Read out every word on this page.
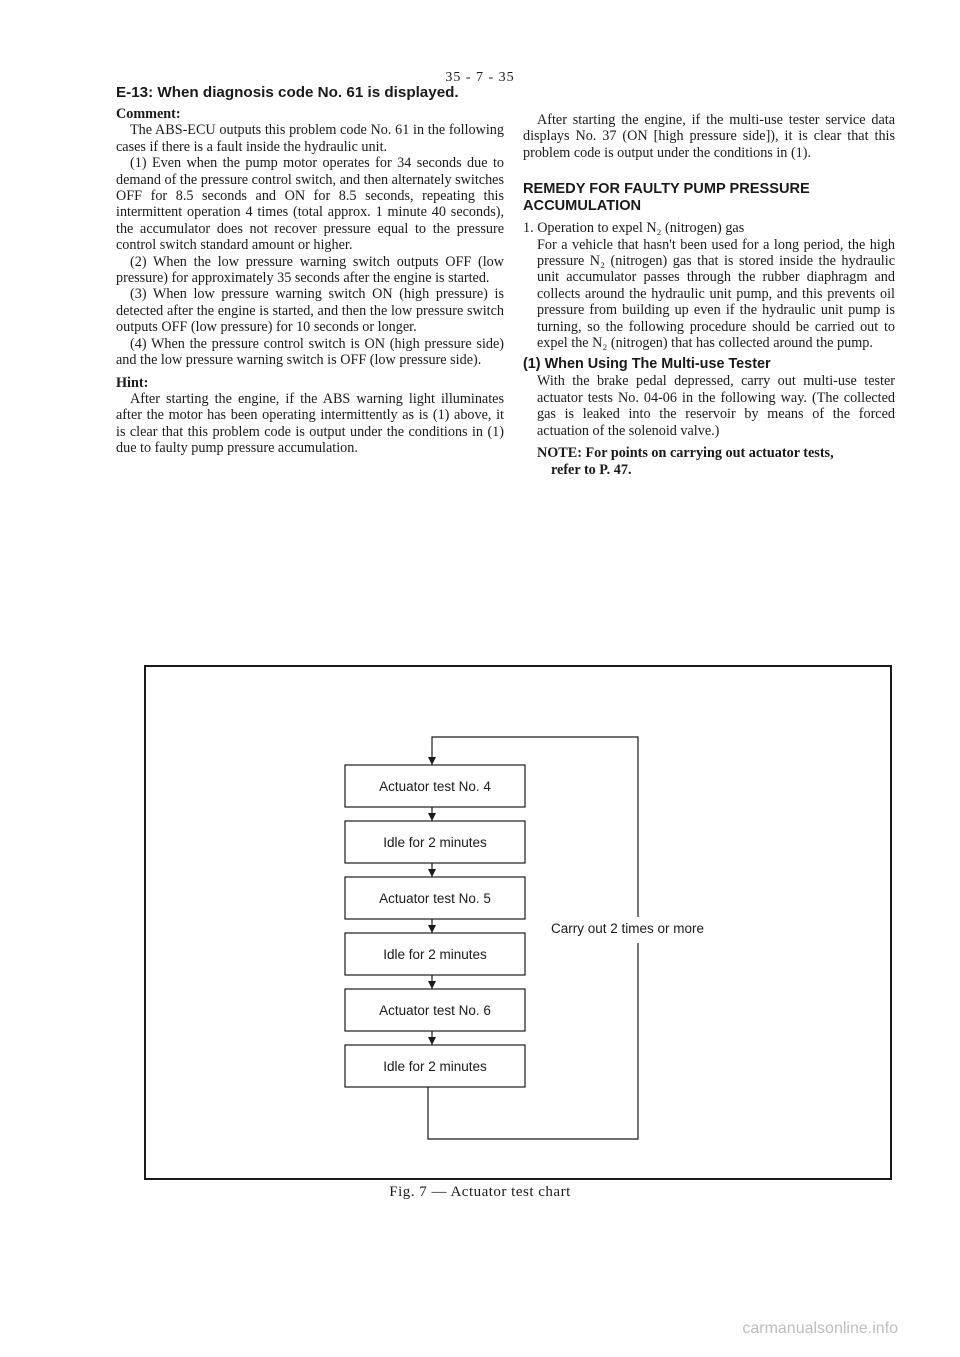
35 - 7 - 35
E-13: When diagnosis code No. 61 is displayed.
Comment:

The ABS-ECU outputs this problem code No. 61 in the following cases if there is a fault inside the hydraulic unit.

(1) Even when the pump motor operates for 34 seconds due to demand of the pressure control switch, and then alternately switches OFF for 8.5 seconds and ON for 8.5 seconds, repeating this intermittent operation 4 times (total approx. 1 minute 40 seconds), the accumulator does not recover pressure equal to the pressure control switch standard amount or higher.

(2) When the low pressure warning switch outputs OFF (low pressure) for approximately 35 seconds after the engine is started.

(3) When low pressure warning switch ON (high pressure) is detected after the engine is started, and then the low pressure switch outputs OFF (low pressure) for 10 seconds or longer.

(4) When the pressure control switch is ON (high pressure side) and the low pressure warning switch is OFF (low pressure side).

Hint:

After starting the engine, if the ABS warning light illuminates after the motor has been operating intermittently as is (1) above, it is clear that this problem code is output under the conditions in (1) due to faulty pump pressure accumulation.

After starting the engine, if the multi-use tester service data displays No. 37 (ON [high pressure side]), it is clear that this problem code is output under the conditions in (1).

REMEDY FOR FAULTY PUMP PRESSURE ACCUMULATION

1. Operation to expel N₂ (nitrogen) gas

For a vehicle that hasn't been used for a long period, the high pressure N₂ (nitrogen) gas that is stored inside the hydraulic unit accumulator passes through the rubber diaphragm and collects around the hydraulic unit pump, and this prevents oil pressure from building up even if the hydraulic unit pump is turning, so the following procedure should be carried out to expel the N₂ (nitrogen) that has collected around the pump.

(1) When Using The Multi-use Tester

With the brake pedal depressed, carry out multi-use tester actuator tests No. 04-06 in the following way. (The collected gas is leaked into the reservoir by means of the forced actuation of the solenoid valve.)

NOTE: For points on carrying out actuator tests,
refer to P. 47.
Actuator test No. 4
Idle for 2 minutes
Actuator test No. 5
Idle for 2 minutes
Actuator test No. 6
Idle for 2 minutes
Carry out 2 times or more
Fig. 7 — Actuator test chart
carmanualsonline.info
